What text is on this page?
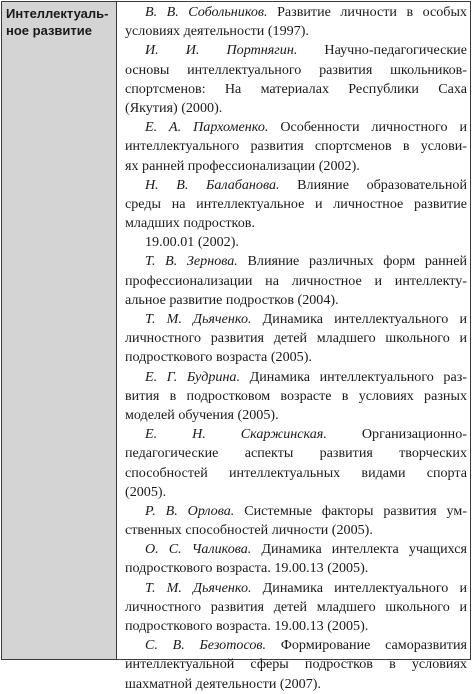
Интеллектуаль-
ное развитие
В. В. Собольников. Развитие личности в особых
условиях деятельности (1997).
И. И. Портнягин. Научно-педагогические
основы интеллектуального развития школьников-
спортсменов: На материалах Республики Саха
(Якутия) (2000).
Е. А. Пархоменко. Особенности личностного и
интеллектуального развития спортсменов в услови-
ях ранней профессионализации (2002).
Н. В. Балабанова. Влияние образовательной
среды на интеллектуальное и личностное развитие
младших подростков.
19.00.01 (2002).
Т. В. Зернова. Влияние различных форм ранней
профессионализации на личностное и интеллекту-
альное развитие подростков (2004).
Т. М. Дьяченко. Динамика интеллектуального и
личностного развития детей младшего школьного и
подросткового возраста (2005).
Е. Г. Будрина. Динамика интеллектуального раз-
вития в подростковом возрасте в условиях разных
моделей обучения (2005).
Е. Н. Скаржинская. Организационно-
педагогические аспекты развития творческих
способностей интеллектуальных видами спорта
(2005).
Р. В. Орлова. Системные факторы развития ум-
ственных способностей личности (2005).
О. С. Чаликова. Динамика интеллекта учащихся
подросткового возраста. 19.00.13 (2005).
Т. М. Дьяченко. Динамика интеллектуального и
личностного развития детей младшего школьного и
подросткового возраста. 19.00.13 (2005).
С. В. Безотосов. Формирование саморазвития
интеллектуальной сферы подростков в условиях
шахматной деятельности (2007).
